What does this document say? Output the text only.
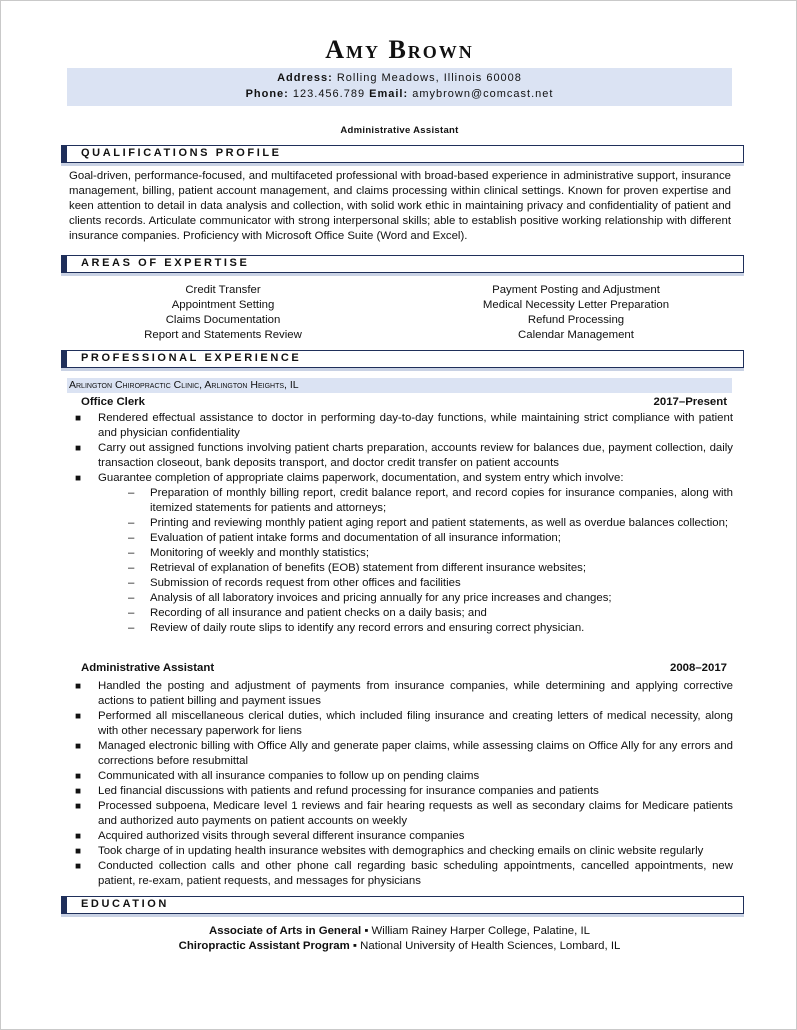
Amy Brown
Address: Rolling Meadows, Illinois 60008
Phone: 123.456.789 Email: amybrown@comcast.net
Administrative Assistant
QUALIFICATIONS PROFILE
Goal-driven, performance-focused, and multifaceted professional with broad-based experience in administrative support, insurance management, billing, patient account management, and claims processing within clinical settings. Known for proven expertise and keen attention to detail in data analysis and collection, with solid work ethic in maintaining privacy and confidentiality of patient and clients records. Articulate communicator with strong interpersonal skills; able to establish positive working relationship with different insurance companies. Proficiency with Microsoft Office Suite (Word and Excel).
AREAS OF EXPERTISE
Credit Transfer
Appointment Setting
Claims Documentation
Report and Statements Review
Payment Posting and Adjustment
Medical Necessity Letter Preparation
Refund Processing
Calendar Management
PROFESSIONAL EXPERIENCE
Arlington Chiropractic Clinic, Arlington Heights, IL
Office Clerk	2017–Present
■ Rendered effectual assistance to doctor in performing day-to-day functions, while maintaining strict compliance with patient and physician confidentiality
■ Carry out assigned functions involving patient charts preparation, accounts review for balances due, payment collection, daily transaction closeout, bank deposits transport, and doctor credit transfer on patient accounts
■ Guarantee completion of appropriate claims paperwork, documentation, and system entry which involve:
– Preparation of monthly billing report, credit balance report, and record copies for insurance companies, along with itemized statements for patients and attorneys;
– Printing and reviewing monthly patient aging report and patient statements, as well as overdue balances collection;
– Evaluation of patient intake forms and documentation of all insurance information;
– Monitoring of weekly and monthly statistics;
– Retrieval of explanation of benefits (EOB) statement from different insurance websites;
– Submission of records request from other offices and facilities
– Analysis of all laboratory invoices and pricing annually for any price increases and changes;
– Recording of all insurance and patient checks on a daily basis; and
– Review of daily route slips to identify any record errors and ensuring correct physician.
Administrative Assistant	2008–2017
■ Handled the posting and adjustment of payments from insurance companies, while determining and applying corrective actions to patient billing and payment issues
■ Performed all miscellaneous clerical duties, which included filing insurance and creating letters of medical necessity, along with other necessary paperwork for liens
■ Managed electronic billing with Office Ally and generate paper claims, while assessing claims on Office Ally for any errors and corrections before resubmittal
■ Communicated with all insurance companies to follow up on pending claims
■ Led financial discussions with patients and refund processing for insurance companies and patients
■ Processed subpoena, Medicare level 1 reviews and fair hearing requests as well as secondary claims for Medicare patients and authorized auto payments on patient accounts on weekly
■ Acquired authorized visits through several different insurance companies
■ Took charge of in updating health insurance websites with demographics and checking emails on clinic website regularly
■ Conducted collection calls and other phone call regarding basic scheduling appointments, cancelled appointments, new patient, re-exam, patient requests, and messages for physicians
EDUCATION
Associate of Arts in General ▪ William Rainey Harper College, Palatine, IL
Chiropractic Assistant Program ▪ National University of Health Sciences, Lombard, IL
